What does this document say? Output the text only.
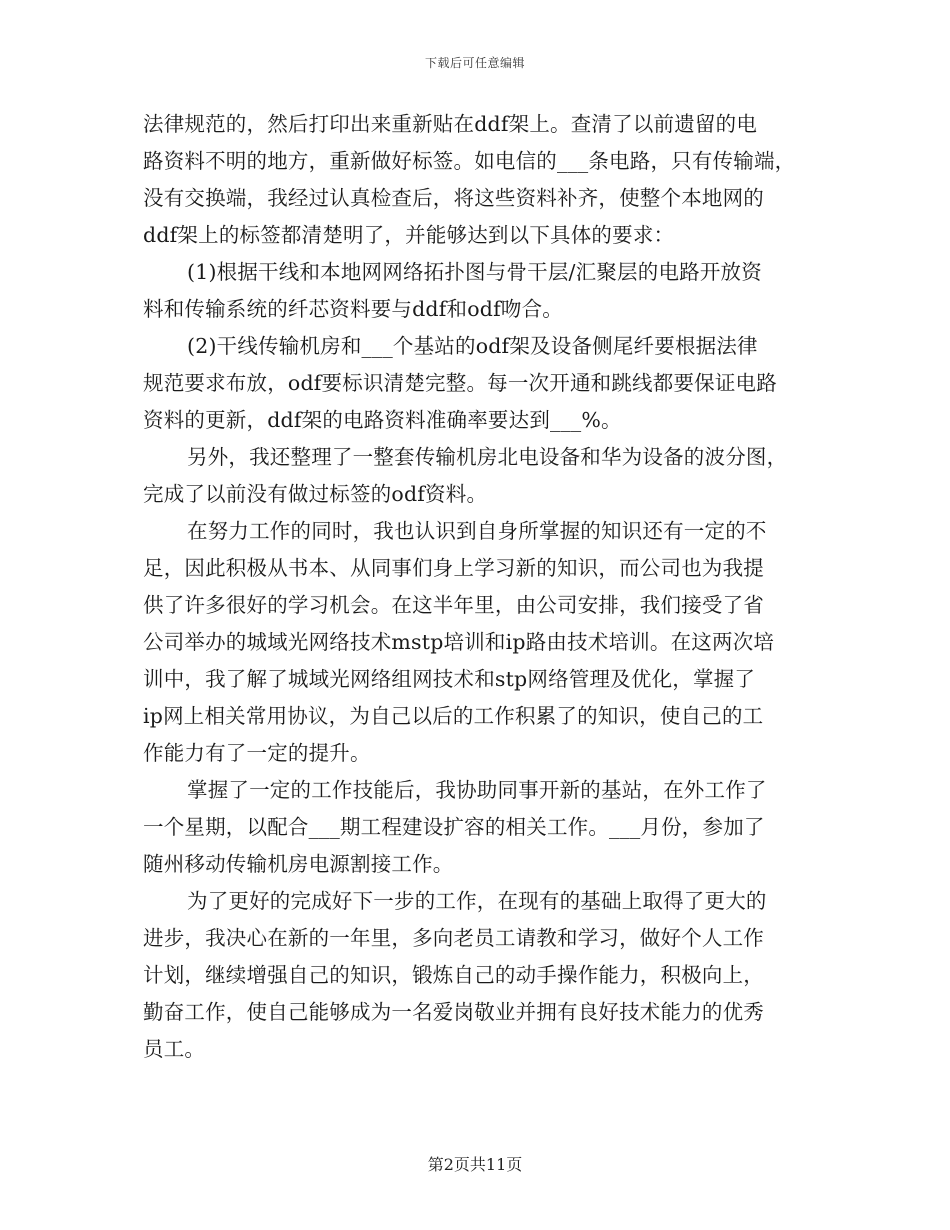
下载后可任意编辑
法律规范的，然后打印出来重新贴在ddf架上。查清了以前遗留的电
路资料不明的地方，重新做好标签。如电信的___条电路，只有传输端，
没有交换端，我经过认真检查后，将这些资料补齐，使整个本地网的
ddf架上的标签都清楚明了，并能够达到以下具体的要求：
(1)根据干线和本地网网络拓扑图与骨干层/汇聚层的电路开放资
料和传输系统的纤芯资料要与ddf和odf吻合。
(2)干线传输机房和___个基站的odf架及设备侧尾纤要根据法律
规范要求布放，odf要标识清楚完整。每一次开通和跳线都要保证电路
资料的更新，ddf架的电路资料准确率要达到___%。
另外，我还整理了一整套传输机房北电设备和华为设备的波分图，
完成了以前没有做过标签的odf资料。
在努力工作的同时，我也认识到自身所掌握的知识还有一定的不
足，因此积极从书本、从同事们身上学习新的知识，而公司也为我提
供了许多很好的学习机会。在这半年里，由公司安排，我们接受了省
公司举办的城域光网络技术mstp培训和ip路由技术培训。在这两次培
训中，我了解了城域光网络组网技术和stp网络管理及优化，掌握了
ip网上相关常用协议，为自己以后的工作积累了的知识，使自己的工
作能力有了一定的提升。
掌握了一定的工作技能后，我协助同事开新的基站，在外工作了
一个星期，以配合___期工程建设扩容的相关工作。___月份，参加了
随州移动传输机房电源割接工作。
为了更好的完成好下一步的工作，在现有的基础上取得了更大的
进步，我决心在新的一年里，多向老员工请教和学习，做好个人工作
计划，继续增强自己的知识，锻炼自己的动手操作能力，积极向上，
勤奋工作，使自己能够成为一名爱岗敬业并拥有良好技术能力的优秀
员工。
第2页共11页
